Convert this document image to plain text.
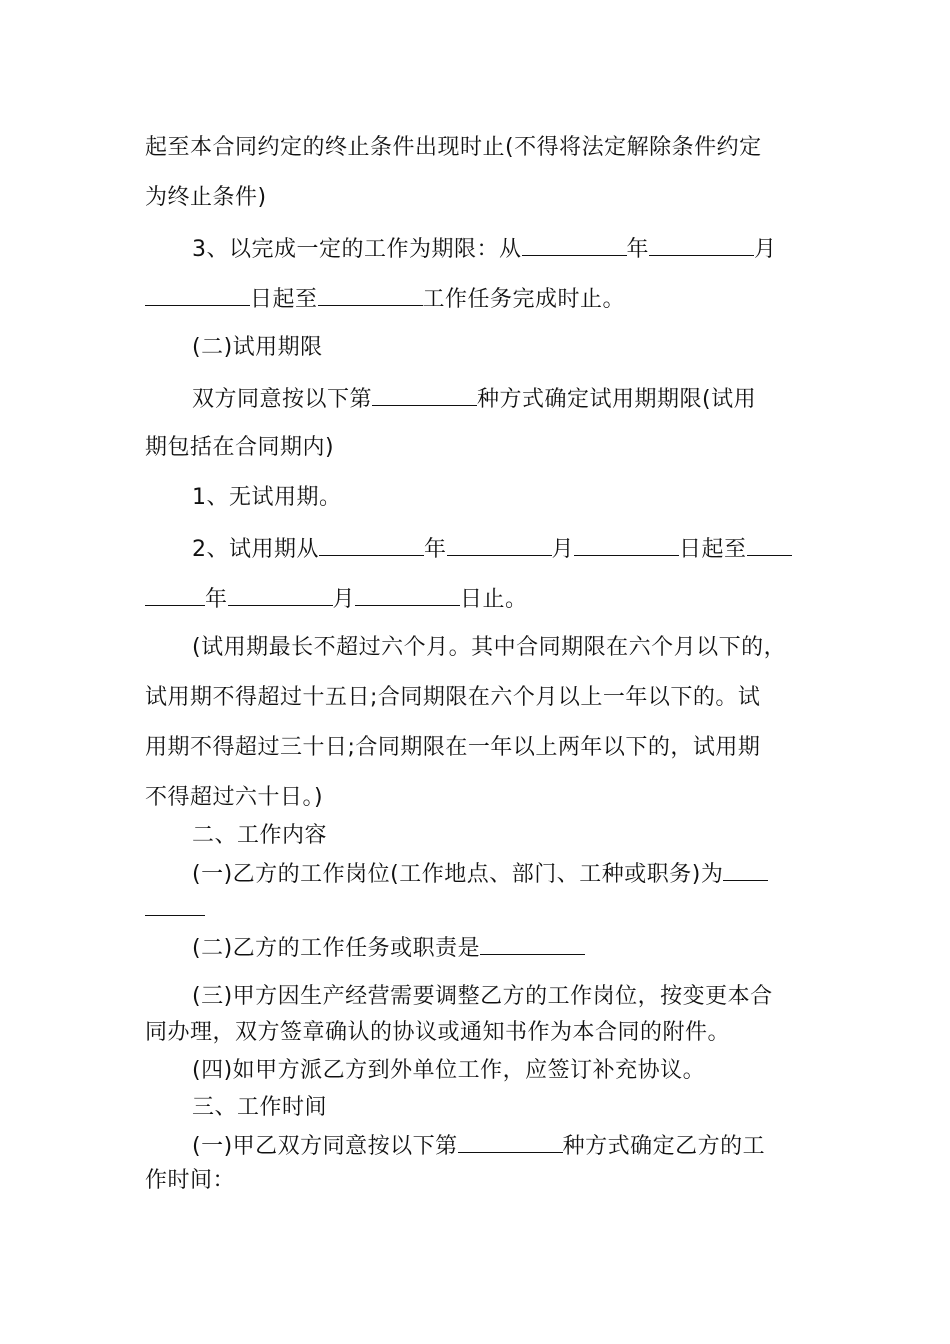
起至本合同约定的终止条件出现时止(不得将法定解除条件约定
为终止条件)
3、以完成一定的工作为期限：从	年	月
日起至	工作任务完成时止。
(二)试用期限
双方同意按以下第	种方式确定试用期期限(试用
期包括在合同期内)
1、无试用期。
2、试用期从	年	月	日起至
年	月	日止。
(试用期最长不超过六个月。其中合同期限在六个月以下的，
试用期不得超过十五日;合同期限在六个月以上一年以下的。试
用期不得超过三十日;合同期限在一年以上两年以下的，试用期
不得超过六十日。)
二、工作内容
(一)乙方的工作岗位(工作地点、部门、工种或职务)为
(二)乙方的工作任务或职责是
(三)甲方因生产经营需要调整乙方的工作岗位，按变更本合
同办理，双方签章确认的协议或通知书作为本合同的附件。
(四)如甲方派乙方到外单位工作，应签订补充协议。
三、工作时间
(一)甲乙双方同意按以下第	种方式确定乙方的工
作时间：
